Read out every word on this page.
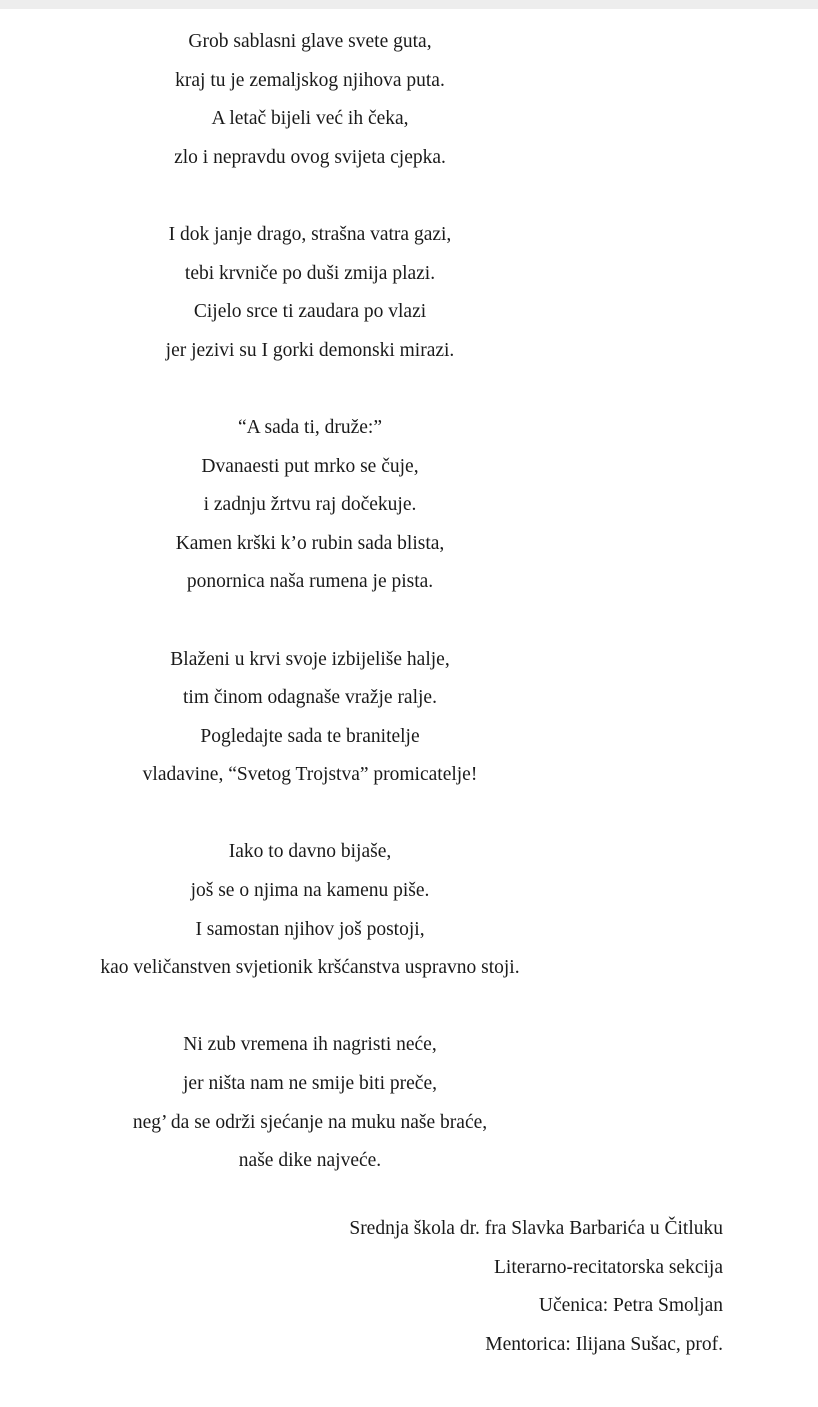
Grob sablasni glave svete guta,
kraj tu je zemaljskog njihova puta.
A letač bijeli već ih čeka,
zlo i nepravdu ovog svijeta cjepka.
I dok janje drago, strašna vatra gazi,
tebi krvniče po duši zmija plazi.
Cijelo srce ti zaudara po vlazi
jer jezivi su I gorki demonski mirazi.
“A sada ti, druže:”
Dvanaesti put mrko se čuje,
i zadnju žrtvu raj dočekuje.
Kamen krški k’o rubin sada blista,
ponornica naša rumena je pista.
Blaženi u krvi svoje izbijeliše halje,
tim činom odagnaše vražje ralje.
Pogledajte sada te branitelje
vladavine, “Svetog Trojstva” promicatelje!
Iako to davno bijaše,
još se o njima na kamenu piše.
I samostan njihov još postoji,
kao veličanstven svjetionik kršćanstva uspravno stoji.
Ni zub vremena ih nagristi neće,
jer ništa nam ne smije biti preče,
neg’ da se održi sjećanje na muku naše braće,
naše dike najveće.
Srednja škola dr. fra Slavka Barbarića u Čitluku
Literarno-recitatorska sekcija
Učenica: Petra Smoljan
Mentorica: Ilijana Sušac, prof.
